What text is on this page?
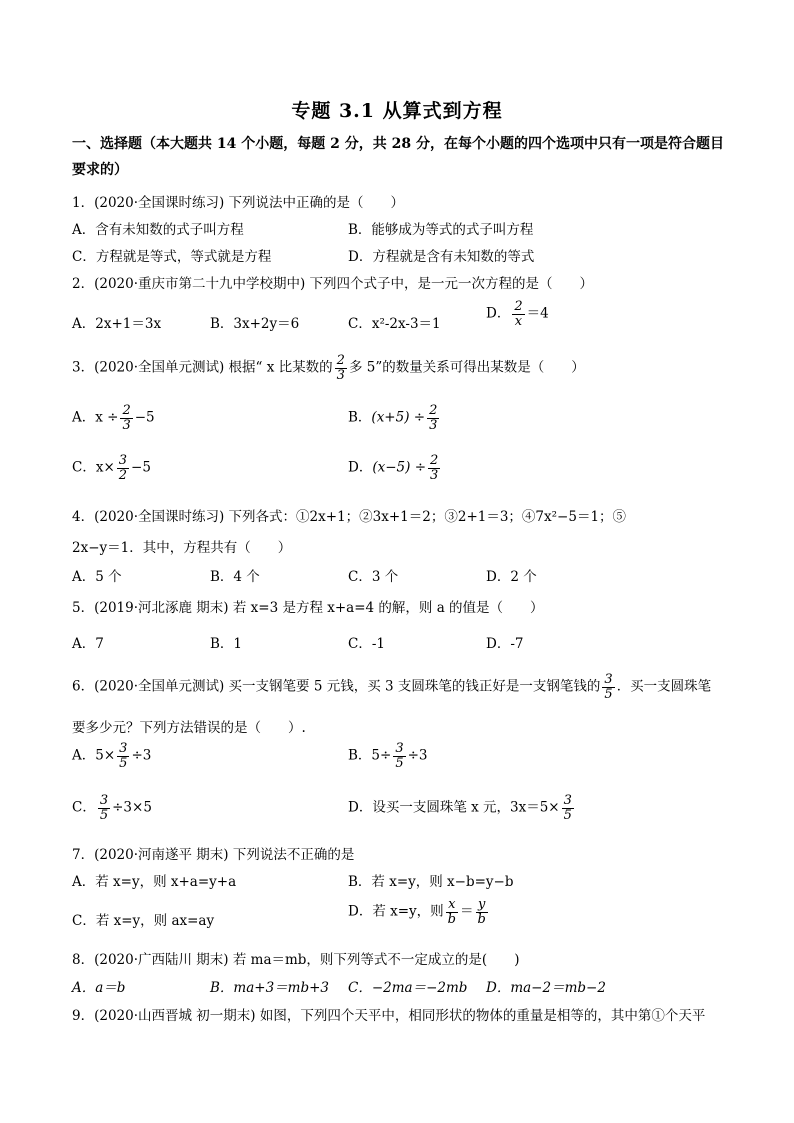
专题 3.1 从算式到方程
一、选择题（本大题共 14 个小题，每题 2 分，共 28 分，在每个小题的四个选项中只有一项是符合题目要求的）
1．(2020·全国课时练习) 下列说法中正确的是（　　）
A．含有未知数的式子叫方程	B．能够成为等式的式子叫方程
C．方程就是等式，等式就是方程	D．方程就是含有未知数的等式
2．(2020·重庆市第二十九中学校期中) 下列四个式子中，是一元一次方程的是（　　）
A．2x+1＝3x	B．3x+2y＝6	C．x²-2x-3＝1
D． $\frac{2}{x} =4$
3．(2020·全国单元测试) 根据“ x 比某数的 $\frac{2}{3}$ 多 5”的数量关系可得出某数是（　　）
A．$x \div \frac{2}{3} -5$	B．$(x+5) \div \frac{2}{3}$
C．$x\times \frac{3}{2} -5$	D．$(x-5) \div \frac{2}{3}$
4．(2020·全国课时练习) 下列各式：①2x+1；②3x+1＝2；③2+1＝3；④7x²−5＝1；⑤
2x−y＝1．其中，方程共有（　　）
A．5 个	B．4 个	C．3 个	D．2 个
5．(2019·河北涿鹿 期末) 若 x=3 是方程 x+a=4 的解，则 a 的值是（　　）
A．7	B．1	C．-1	D．-7
6．(2020·全国单元测试) 买一支钢笔要 5 元钱，买 3 支圆珠笔的钱正好是一支钢笔钱的 $\frac{3}{5}$ ．买一支圆珠笔
要多少元？下列方法错误的是（　　）.
A．$5\times \frac{3}{5} \div 3$	B．$5\div \frac{3}{5} \div 3$
C． $\frac{3}{5} \div 3\times 5$	D．设买一支圆珠笔 x 元，$3x=5\times \frac{3}{5}$
7．(2020·河南遂平 期末) 下列说法不正确的是
A．若 x=y，则 x+a=y+a	B．若 x=y，则 x−b=y−b
C．若 x=y，则 ax=ay
D．若 x=y，则 $\frac{x}{b} = \frac{y}{b}$
8．(2020·广西陆川 期末) 若 ma＝mb，则下列等式不一定成立的是(　　)
A．a＝b	B．ma+3＝mb+3 C．−2ma＝−2mb D．ma−2＝mb−2
9．(2020·山西晋城 初一期末) 如图，下列四个天平中，相同形状的物体的重量是相等的，其中第①个天平
